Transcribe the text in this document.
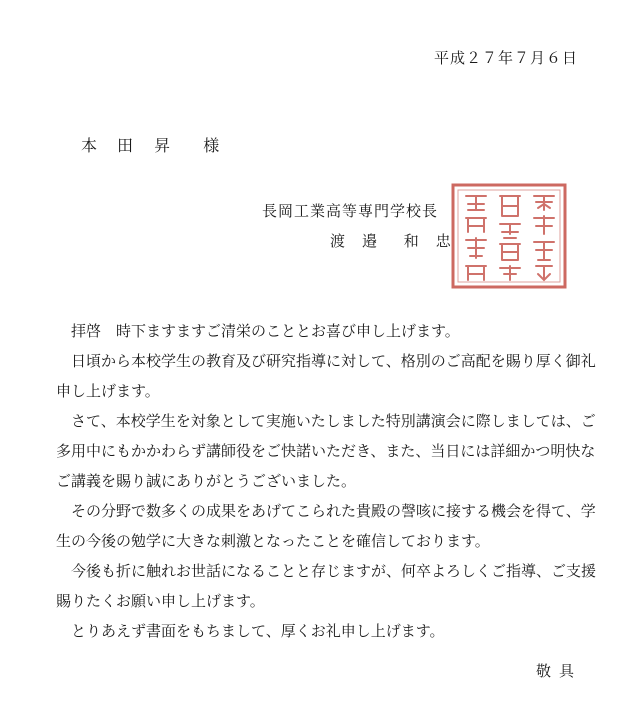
平成２７年７月６日
本　田 昇 様
長岡工業高等専門学校長
渡　邉 和　忠

拝啓　時下ますますご清栄のこととお喜び申し上げます。

日頃から本校学生の教育及び研究指導に対して、格別のご高配を賜り厚く御礼申し上げます。

さて、本校学生を対象として実施いたしました特別講演会に際しましては、ご多用中にもかかわらず講師役をご快諾いただき、また、当日には詳細かつ明快なご講義を賜り誠にありがとうございました。

その分野で数多くの成果をあげてこられた貴殿の謦咳に接する機会を得て、学生の今後の勉学に大きな刺激となったことを確信しております。

今後も折に触れお世話になることと存じますが、何卒よろしくご指導、ご支援賜りたくお願い申し上げます。

とりあえず書面をもちまして、厚くお礼申し上げます。

敬具
